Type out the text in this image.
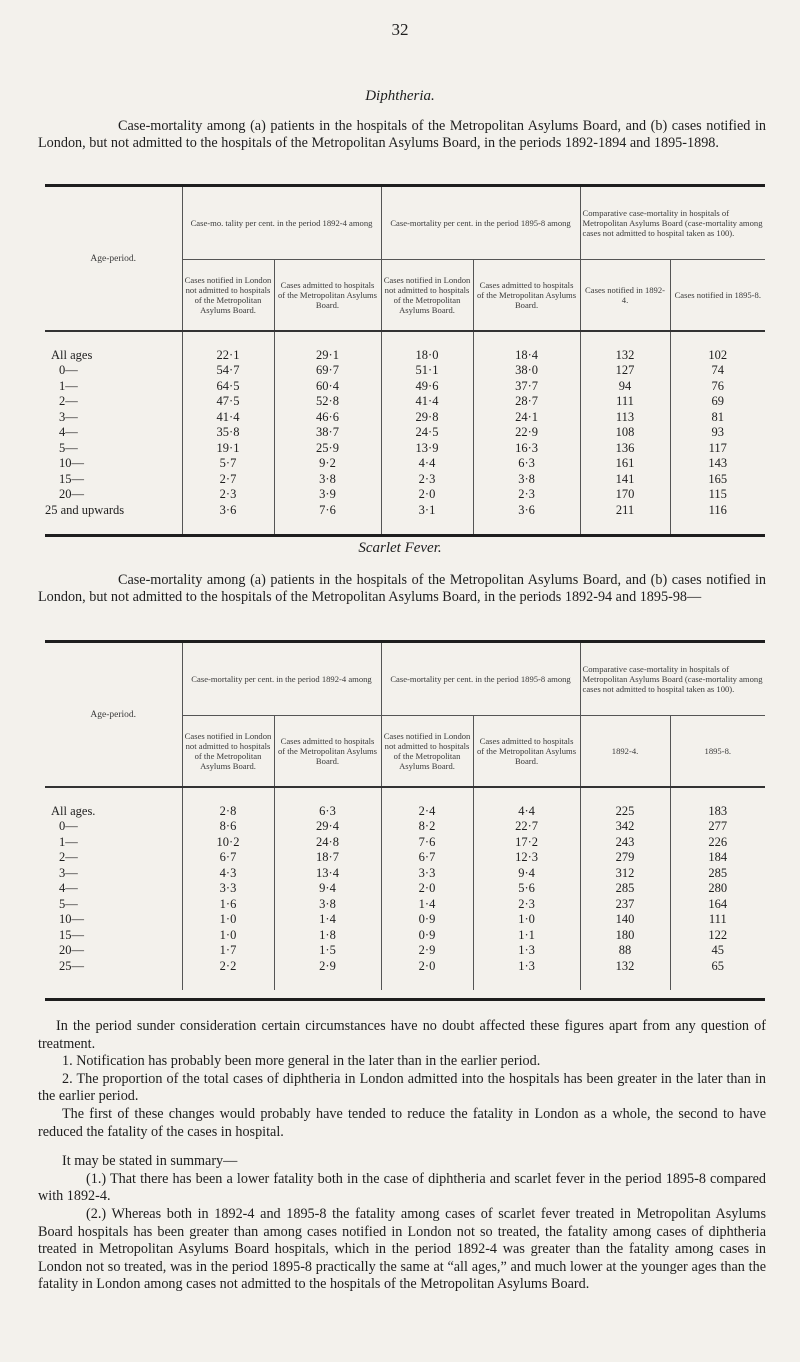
32
Diphtheria.
Case-mortality among (a) patients in the hospitals of the Metropolitan Asylums Board, and (b) cases notified in London, but not admitted to the hospitals of the Metropolitan Asylums Board, in the periods 1892-1894 and 1895-1898.
Age-period.	Case-mo. tality per cent. in the period 1892-4 among		Case-mortality per cent. in the period 1895-8 among		Comparative case-mortality in hospitals of Metropolitan Asylums Board (case-mortality among cases not admitted to hospital taken as 100).	
	Cases notified in London not admitted to hospitals of the Metropolitan Asylums Board.	Cases admitted to hospitals of the Metropolitan Asylums Board.	Cases notified in London not admitted to hospitals of the Metropolitan Asylums Board.	Cases admitted to hospitals of the Metropolitan Asylums Board.	Cases notified in 1892-4.	Cases notified in 1895-8.

All ages	22·1	29·1	18·0	18·4	132	102
0—	54·7	69·7	51·1	38·0	127	74
1—	64·5	60·4	49·6	37·7	94	76
2—	47·5	52·8	41·4	28·7	111	69
3—	41·4	46·6	29·8	24·1	113	81
4—	35·8	38·7	24·5	22·9	108	93
5—	19·1	25·9	13·9	16·3	136	117
10—	5·7	9·2	4·4	6·3	161	143
15—	2·7	3·8	2·3	3·8	141	165
20—	2·3	3·9	2·0	2·3	170	115
25 and upwards	3·6	7·6	3·1	3·6	211	116

Scarlet Fever.
Case-mortality among (a) patients in the hospitals of the Metropolitan Asylums Board, and (b) cases notified in London, but not admitted to the hospitals of the Metropolitan Asylums Board, in the periods 1892-94 and 1895-98—
Age-period.	Case-mortality per cent. in the period 1892-4 among		Case-mortality per cent. in the period 1895-8 among		Comparative case-mortality in hospitals of Metropolitan Asylums Board (case-mortality among cases not admitted to hospital taken as 100).	
	Cases notified in London not admitted to hospitals of the Metropolitan Asylums Board.	Cases admitted to hospitals of the Metropolitan Asylums Board.	Cases notified in London not admitted to hospitals of the Metropolitan Asylums Board.	Cases admitted to hospitals of the Metropolitan Asylums Board.	1892-4.	1895-8.

All ages.	2·8	6·3	2·4	4·4	225	183
0—	8·6	29·4	8·2	22·7	342	277
1—	10·2	24·8	7·6	17·2	243	226
2—	6·7	18·7	6·7	12·3	279	184
3—	4·3	13·4	3·3	9·4	312	285
4—	3·3	9·4	2·0	5·6	285	280
5—	1·6	3·8	1·4	2·3	237	164
10—	1·0	1·4	0·9	1·0	140	111
15—	1·0	1·8	0·9	1·1	180	122
20—	1·7	1·5	2·9	1·3	88	45
25—	2·2	2·9	2·0	1·3	132	65

In the period sunder consideration certain circumstances have no doubt affected these figures apart from any question of treatment.

1. Notification has probably been more general in the later than in the earlier period.

2. The proportion of the total cases of diphtheria in London admitted into the hospitals has been greater in the later than in the earlier period.

The first of these changes would probably have tended to reduce the fatality in London as a whole, the second to have reduced the fatality of the cases in hospital.

It may be stated in summary—

(1.) That there has been a lower fatality both in the case of diphtheria and scarlet fever in the period 1895-8 compared with 1892-4.

(2.) Whereas both in 1892-4 and 1895-8 the fatality among cases of scarlet fever treated in Metropolitan Asylums Board hospitals has been greater than among cases notified in London not so treated, the fatality among cases of diphtheria treated in Metropolitan Asylums Board hospitals, which in the period 1892-4 was greater than the fatality among cases in London not so treated, was in the period 1895-8 practically the same at “all ages,” and much lower at the younger ages than the fatality in London among cases not admitted to the hospitals of the Metropolitan Asylums Board.
